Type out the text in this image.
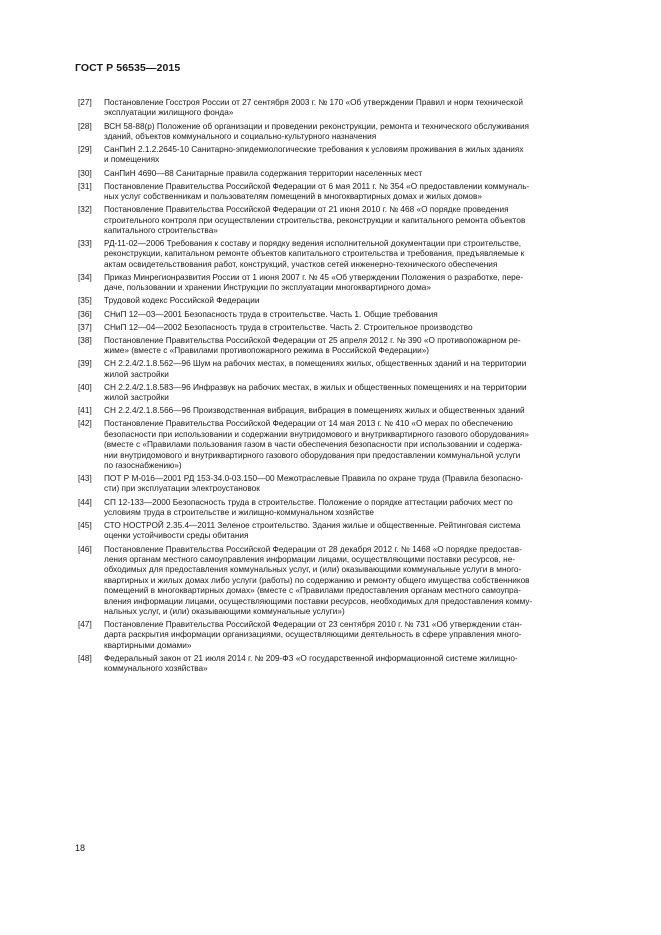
ГОСТ Р 56535—2015
[27]	Постановление Госстроя России от 27 сентября 2003 г. № 170 «Об утверждении Правил и норм технической
эксплуатации жилищного фонда»
[28]	ВСН 58-88(р) Положение об организации и проведении реконструкции, ремонта и технического обслуживания
зданий, объектов коммунального и социально-культурного назначения
[29]	СанПиН 2.1.2.2645-10 Санитарно-эпидемиологические требования к условиям проживания в жилых зданиях
и помещениях
[30]	СанПиН 4690—88 Санитарные правила содержания территории населенных мест
[31]	Постановление Правительства Российской Федерации от 6 мая 2011 г. № 354 «О предоставлении коммуналь-
ных услуг собственникам и пользователям помещений в многоквартирных домах и жилых домов»
[32]	Постановление Правительства Российской Федерации от 21 июня 2010 г. № 468 «О порядке проведения
строительного контроля при осуществлении строительства, реконструкции и капитального ремонта объектов
капитального строительства»
[33]	РД-11-02—2006 Требования к составу и порядку ведения исполнительной документации при строительстве,
реконструкции, капитальном ремонте объектов капитального строительства и требования, предъявляемые к
актам освидетельствования работ, конструкций, участков сетей инженерно-технического обеспечения
[34]	Приказ Минрегионразвития России от 1 июня 2007 г. № 45 «Об утверждении Положения о разработке, пере-
даче, пользовании и хранении Инструкции по эксплуатации многоквартирного дома»
[35]	Трудовой кодекс Российской Федерации
[36]	СНиП 12—03—2001 Безопасность труда в строительстве. Часть 1. Общие требования
[37]	СНиП 12—04—2002 Безопасность труда в строительстве. Часть 2. Строительное производство
[38]	Постановление Правительства Российской Федерации от 25 апреля 2012 г. № 390 «О противопожарном ре-
жиме» (вместе с «Правилами противопожарного режима в Российской Федерации»)
[39]	СН 2.2.4/2.1.8.562—96 Шум на рабочих местах, в помещениях жилых, общественных зданий и на территории
жилой застройки
[40]	СН 2.2.4/2.1.8.583—96 Инфразвук на рабочих местах, в жилых и общественных помещениях и на территории
жилой застройки
[41]	СН 2.2.4/2.1.8.566—96 Производственная вибрация, вибрация в помещениях жилых и общественных зданий
[42]	Постановление Правительства Российской Федерации от 14 мая 2013 г. № 410 «О мерах по обеспечению
безопасности при использовании и содержании внутридомового и внутриквартирного газового оборудования»
(вместе с «Правилами пользования газом в части обеспечения безопасности при использовании и содержа-
нии внутридомового и внутриквартирного газового оборудования при предоставлении коммунальной услуги
по газоснабжению»)
[43]	ПОТ Р М-016—2001 РД 153-34.0-03.150—00 Межотраслевые Правила по охране труда (Правила безопасно-
сти) при эксплуатации электроустановок
[44]	СП 12-133—2000 Безопасность труда в строительстве. Положение о порядке аттестации рабочих мест по
условиям труда в строительстве и жилищно-коммунальном хозяйстве
[45]	СТО НОСТРОЙ 2.35.4—2011 Зеленое строительство. Здания жилые и общественные. Рейтинговая система
оценки устойчивости среды обитания
[46]	Постановление Правительства Российской Федерации от 28 декабря 2012 г. № 1468 «О порядке предостав-
ления органам местного самоуправления информации лицами, осуществляющими поставки ресурсов, не-
обходимых для предоставления коммунальных услуг, и (или) оказывающими коммунальные услуги в много-
квартирных и жилых домах либо услуги (работы) по содержанию и ремонту общего имущества собственников
помещений в многоквартирных домах» (вместе с «Правилами предоставления органам местного самоупра-
вления информации лицами, осуществляющими поставки ресурсов, необходимых для предоставления комму-
нальных услуг, и (или) оказывающими коммунальные услуги»)
[47]	Постановление Правительства Российской Федерации от 23 сентября 2010 г. № 731 «Об утверждении стан-
дарта раскрытия информации организациями, осуществляющими деятельность в сфере управления много-
квартирными домами»
[48]	Федеральный закон от 21 июля 2014 г. № 209-ФЗ «О государственной информационной системе жилищно-
коммунального хозяйства»
18
